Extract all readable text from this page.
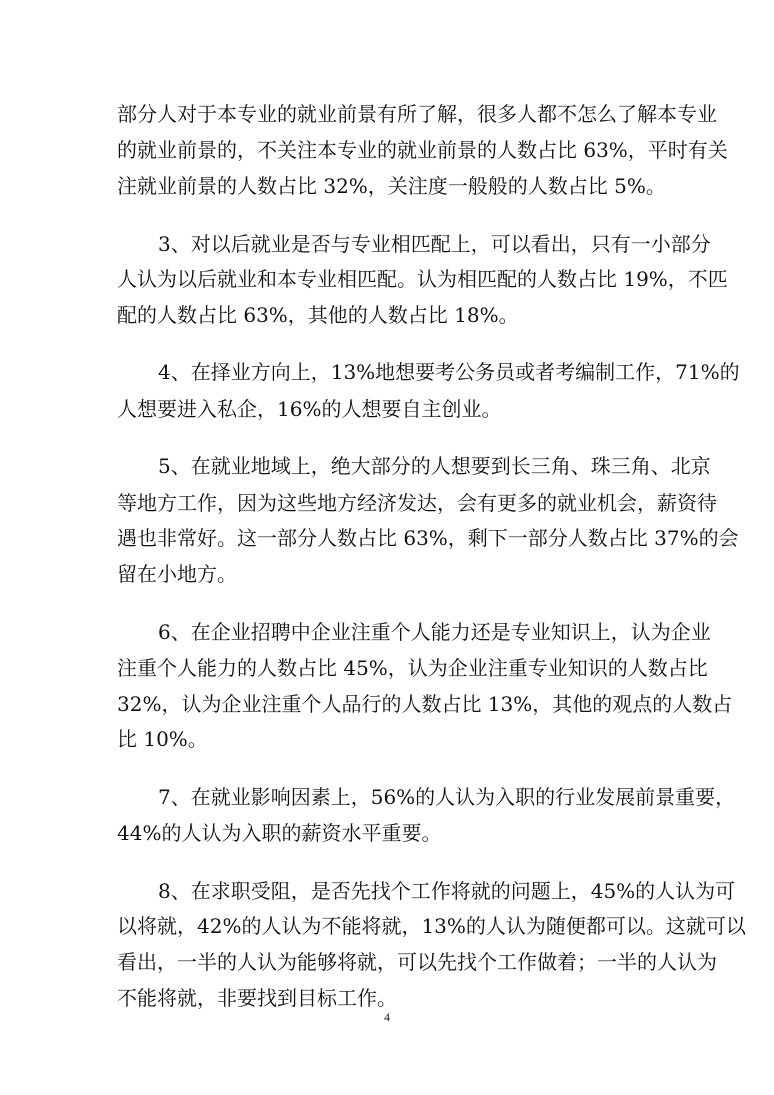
部分人对于本专业的就业前景有所了解，很多人都不怎么了解本专业
的就业前景的，不关注本专业的就业前景的人数占比 63%，平时有关
注就业前景的人数占比 32%，关注度一般般的人数占比 5%。
3、对以后就业是否与专业相匹配上，可以看出，只有一小部分
人认为以后就业和本专业相匹配。认为相匹配的人数占比 19%，不匹
配的人数占比 63%，其他的人数占比 18%。
4、在择业方向上，13%地想要考公务员或者考编制工作，71%的
人想要进入私企，16%的人想要自主创业。
5、在就业地域上，绝大部分的人想要到长三角、珠三角、北京
等地方工作，因为这些地方经济发达，会有更多的就业机会，薪资待
遇也非常好。这一部分人数占比 63%，剩下一部分人数占比 37%的会
留在小地方。
6、在企业招聘中企业注重个人能力还是专业知识上，认为企业
注重个人能力的人数占比 45%，认为企业注重专业知识的人数占比
32%，认为企业注重个人品行的人数占比 13%，其他的观点的人数占
比 10%。
7、在就业影响因素上，56%的人认为入职的行业发展前景重要，
44%的人认为入职的薪资水平重要。
8、在求职受阻，是否先找个工作将就的问题上，45%的人认为可
以将就，42%的人认为不能将就，13%的人认为随便都可以。这就可以
看出，一半的人认为能够将就，可以先找个工作做着；一半的人认为
不能将就，非要找到目标工作。
4
